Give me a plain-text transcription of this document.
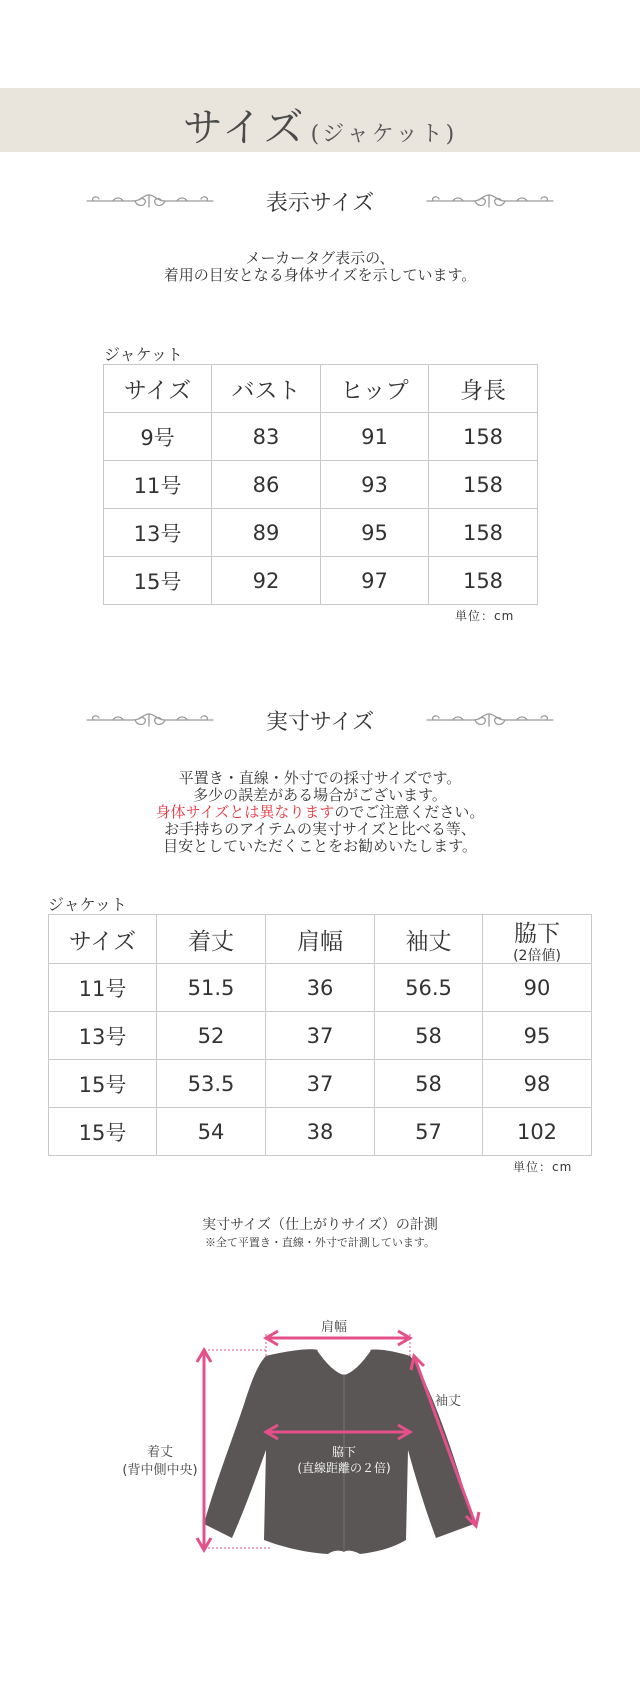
サイズ (ジャケット)
表示サイズ
メーカータグ表示の、
着用の目安となる身体サイズを示しています。
ジャケット
サイズ	バスト	ヒップ	身長
9号	83	91	158
11号	86	93	158
13号	89	95	158
15号	92	97	158
単位：cm
実寸サイズ
平置き・直線・外寸での採寸サイズです。
多少の誤差がある場合がございます。
身体サイズとは異なりますのでご注意ください。
お手持ちのアイテムの実寸サイズと比べる等、
目安としていただくことをお勧めいたします。
ジャケット
サイズ	着丈	肩幅	袖丈	脇下
(2倍値)

11号	51.5	36	56.5	90
13号	52	37	58	95
15号	53.5	37	58	98
15号	54	38	57	102
単位：cm
実寸サイズ（仕上がりサイズ）の計測
※全て平置き・直線・外寸で計測しています。
肩幅
袖丈
着丈
(背中側中央)
脇下
(直線距離の２倍)
